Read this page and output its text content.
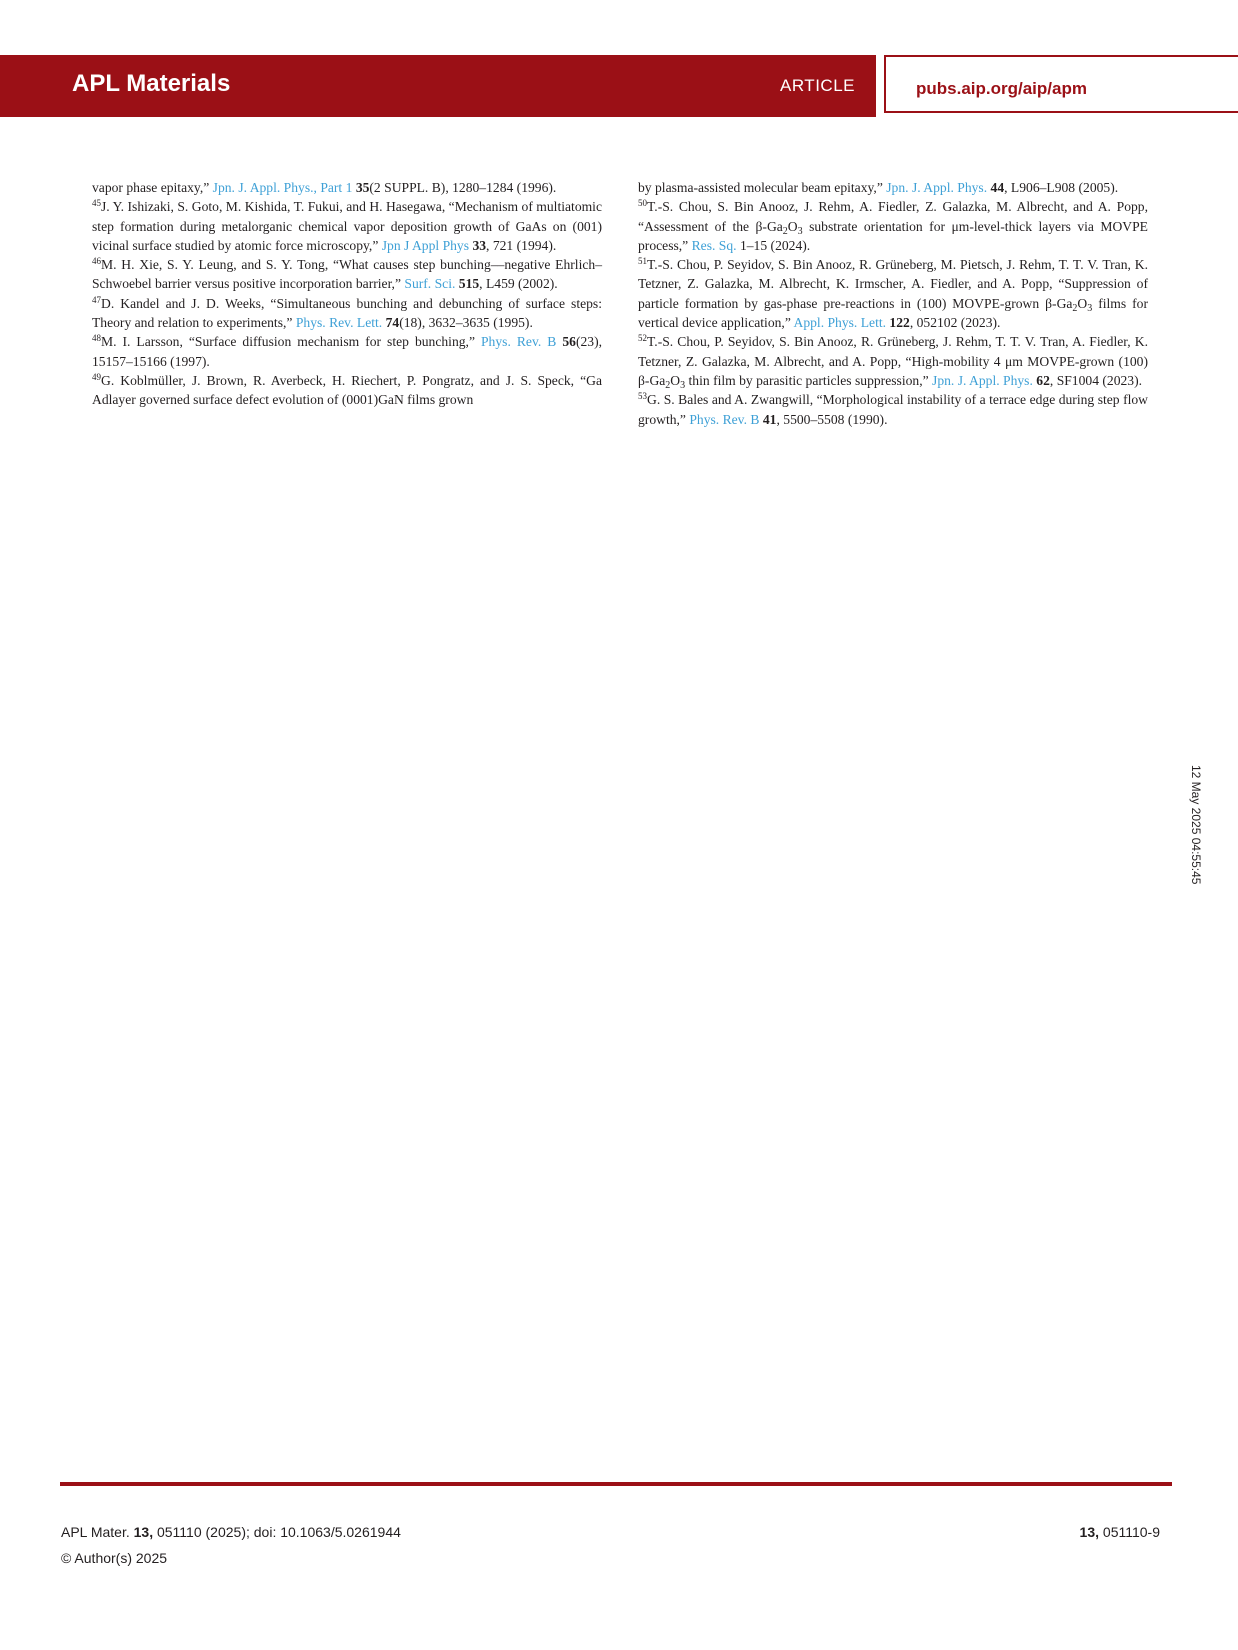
APL Materials	ARTICLE	pubs.aip.org/aip/apm

vapor phase epitaxy,” Jpn. J. Appl. Phys., Part 1 35(2 SUPPL. B), 1280–1284 (1996).

$^{45}$J. Y. Ishizaki, S. Goto, M. Kishida, T. Fukui, and H. Hasegawa, “Mechanism of multiatomic step formation during metalorganic chemical vapor deposition growth of GaAs on (001) vicinal surface studied by atomic force microscopy,” Jpn J Appl Phys 33, 721 (1994).

$^{46}$M. H. Xie, S. Y. Leung, and S. Y. Tong, “What causes step bunching––negative Ehrlich–Schwoebel barrier versus positive incorporation barrier,” Surf. Sci. 515, L459 (2002).

$^{47}$D. Kandel and J. D. Weeks, “Simultaneous bunching and debunching of surface steps: Theory and relation to experiments,” Phys. Rev. Lett. 74(18), 3632–3635 (1995).

$^{48}$M. I. Larsson, “Surface diffusion mechanism for step bunching,” Phys. Rev. B 56(23), 15157–15166 (1997).

$^{49}$G. Koblmüller, J. Brown, R. Averbeck, H. Riechert, P. Pongratz, and J. S. Speck, “Ga Adlayer governed surface defect evolution of (0001)GaN films grown

by plasma-assisted molecular beam epitaxy,” Jpn. J. Appl. Phys. 44, L906–L908 (2005).

$^{50}$T.-S. Chou, S. Bin Anooz, J. Rehm, A. Fiedler, Z. Galazka, M. Albrecht, and A. Popp, “Assessment of the $\beta-Ga_2O_3$ substrate orientation for μm-level-thick layers via MOVPE process,” Res. Sq. 1–15 (2024).

$^{51}$T.-S. Chou, P. Seyidov, S. Bin Anooz, R. Grüneberg, M. Pietsch, J. Rehm, T. T. V. Tran, K. Tetzner, Z. Galazka, M. Albrecht, K. Irmscher, A. Fiedler, and A. Popp, “Suppression of particle formation by gas-phase pre-reactions in (100) MOVPE-grown $\beta-Ga_2O_3$ films for vertical device application,” Appl. Phys. Lett. 122, 052102 (2023).

$^{52}$T.-S. Chou, P. Seyidov, S. Bin Anooz, R. Grüneberg, J. Rehm, T. T. V. Tran, A. Fiedler, K. Tetzner, Z. Galazka, M. Albrecht, and A. Popp, “High-mobility 4 μm MOVPE-grown (100) $\beta-Ga_2O_3$ thin film by parasitic particles suppression,” Jpn. J. Appl. Phys. 62, SF1004 (2023).

$^{53}$G. S. Bales and A. Zwangwill, “Morphological instability of a terrace edge during step flow growth,” Phys. Rev. B 41, 5500–5508 (1990).

12 May 2025 04:55:45
APL Mater. 13, 051110 (2025); doi: 10.1063/5.0261944
© Author(s) 2025
13, 051110-9
